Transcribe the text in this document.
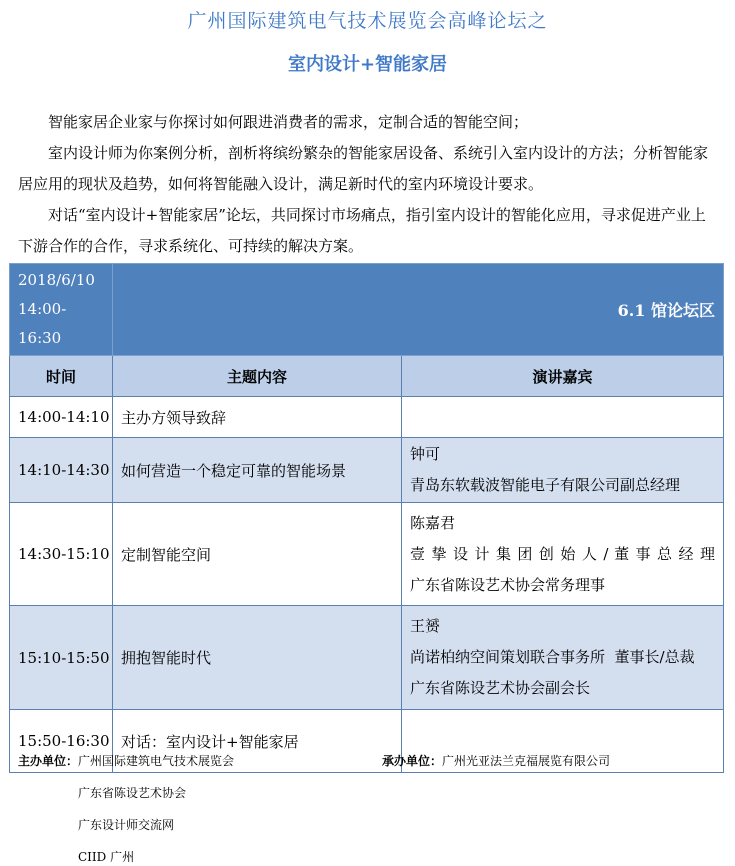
广州国际建筑电气技术展览会高峰论坛之
室内设计+智能家居

智能家居企业家与你探讨如何跟进消费者的需求，定制合适的智能空间；

室内设计师为你案例分析，剖析将缤纷繁杂的智能家居设备、系统引入室内设计的方法；分析智能家居应用的现状及趋势，如何将智能融入设计，满足新时代的室内环境设计要求。

对话“室内设计+智能家居”论坛，共同探讨市场痛点，指引室内设计的智能化应用，寻求促进产业上下游合作的合作，寻求系统化、可持续的解决方案。

2018/6/10
14:00-16:30	6.1 馆论坛区	
时间	主题内容	演讲嘉宾
14:00-14:10	主办方领导致辞	
14:10-14:30	如何营造一个稳定可靠的智能场景	钟可
青岛东软载波智能电子有限公司副总经理

14:30-15:10	定制智能空间	陈嘉君
壹 挚 设 计 集 团 创 始 人 / 董 事 总 经 理
广东省陈设艺术协会常务理事

15:10-15:50	拥抱智能时代	王赟
尚诺柏纳空间策划联合事务所  董事长/总裁
广东省陈设艺术协会副会长

15:50-16:30	对话：室内设计+智能家居	
主办单位：广州国际建筑电气技术展览会	承办单位：广州光亚法兰克福展览有限公司
广东省陈设艺术协会
广东设计师交流网
CIID 广州
